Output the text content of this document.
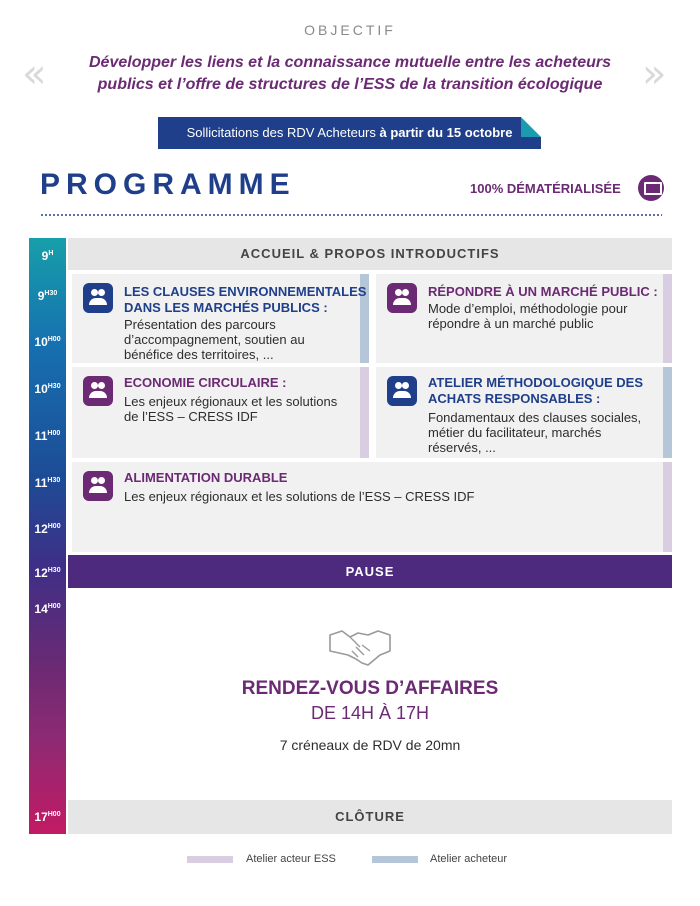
OBJECTIF
«	»
Développer les liens et la connaissance mutuelle entre les acheteurs publics et l’offre de structures de l’ESS de la transition écologique
Sollicitations des RDV Acheteurs à partir du 15 octobre
PROGRAMME	100% DÉMATÉRIALISÉE
$9^H$
$9^{H30}$
$10^{H00}$
$10^{H30}$
$11^{H00}$
$11^{H30}$
$12^{H00}$
$12^{H30}$
$14^{H00}$
$17^{H00}$
ACCUEIL & PROPOS INTRODUCTIFS
LES CLAUSES ENVIRONNEMENTALES
DANS LES MARCHÉS PUBLICS :
Présentation des parcours
d’accompagnement, soutien au
bénéfice des territoires, ...
RÉPONDRE À UN MARCHÉ PUBLIC :
Mode d’emploi, méthodologie pour
répondre à un marché public
ECONOMIE CIRCULAIRE :
Les enjeux régionaux et les solutions
de l’ESS – CRESS IDF
ATELIER MÉTHODOLOGIQUE DES
ACHATS RESPONSABLES :
Fondamentaux des clauses sociales,
métier du facilitateur, marchés
réservés, ...
ALIMENTATION DURABLE
Les enjeux régionaux et les solutions de l’ESS – CRESS IDF
PAUSE
RENDEZ-VOUS D’AFFAIRES
DE 14H À 17H
7 créneaux de RDV de 20mn
CLÔTURE
Atelier acteur ESS	Atelier acheteur
